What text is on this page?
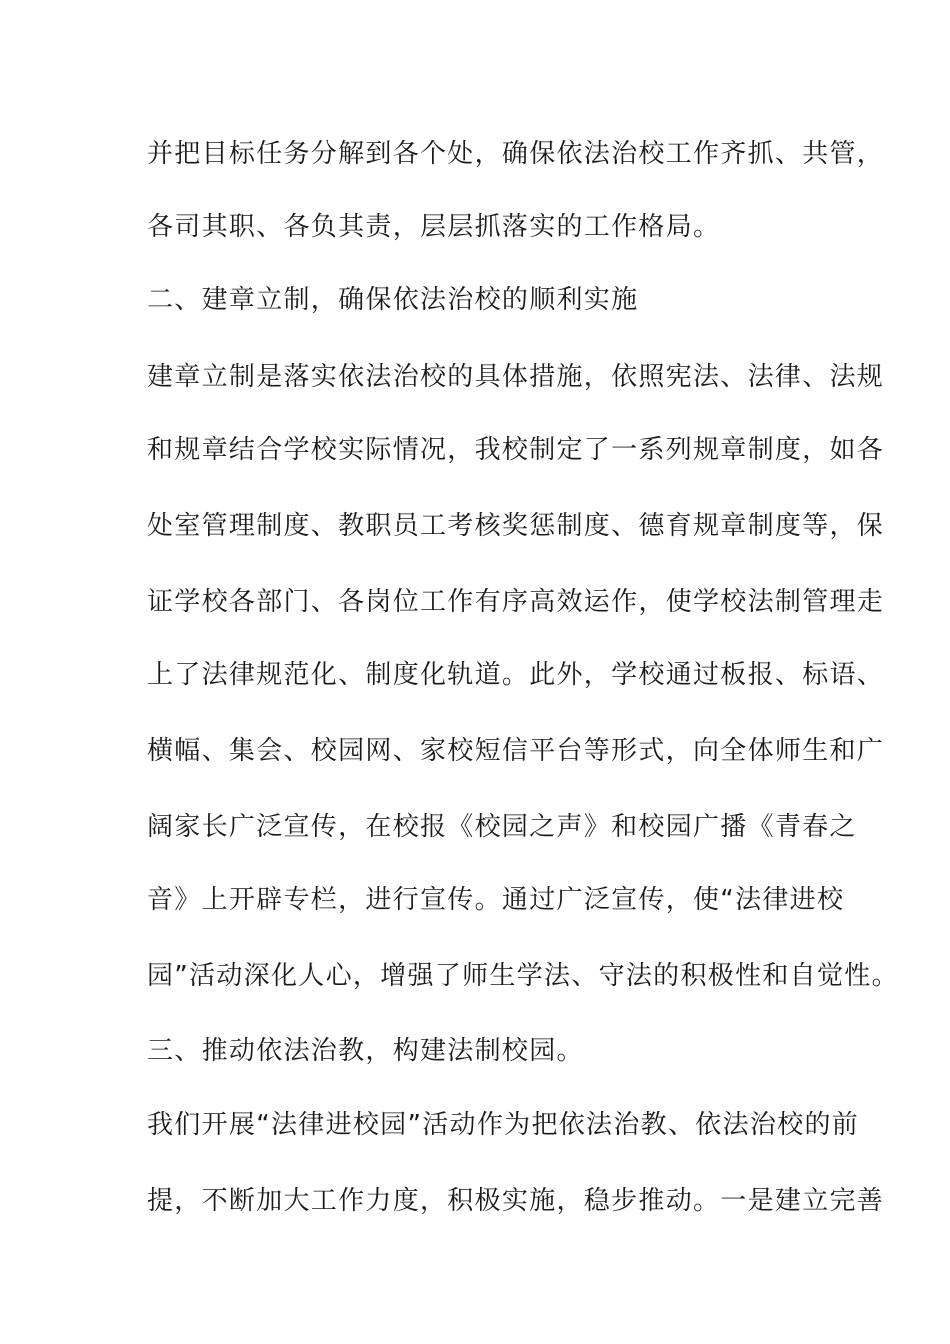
并把目标任务分解到各个处，确保依法治校工作齐抓、共管，
各司其职、各负其责，层层抓落实的工作格局。
二、建章立制，确保依法治校的顺利实施
建章立制是落实依法治校的具体措施，依照宪法、法律、法规
和规章结合学校实际情况，我校制定了一系列规章制度，如各
处室管理制度、教职员工考核奖惩制度、德育规章制度等，保
证学校各部门、各岗位工作有序高效运作，使学校法制管理走
上了法律规范化、制度化轨道。此外，学校通过板报、标语、
横幅、集会、校园网、家校短信平台等形式，向全体师生和广
阔家长广泛宣传，在校报《校园之声》和校园广播《青春之
音》上开辟专栏，进行宣传。通过广泛宣传，使“法律进校
园”活动深化人心，增强了师生学法、守法的积极性和自觉性。
三、推动依法治教，构建法制校园。
我们开展“法律进校园”活动作为把依法治教、依法治校的前
提，不断加大工作力度，积极实施，稳步推动。一是建立完善
